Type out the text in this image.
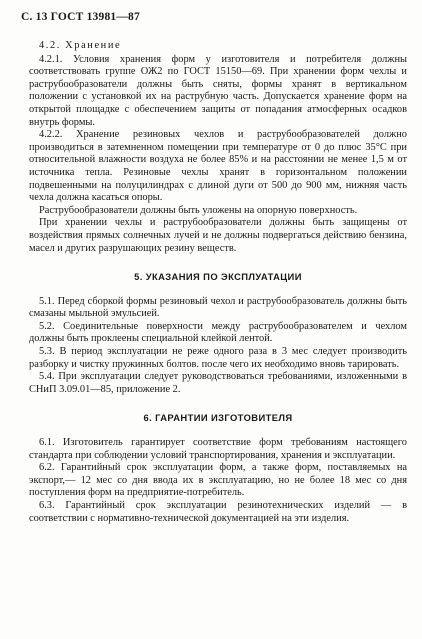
С. 13 ГОСТ 13981—87

4.2. Хранение

4.2.1. Условия хранения форм у изготовителя и потребителя должны соответствовать группе ОЖ2 по ГОСТ 15150—69. При хранении форм чехлы и раструбообразователи должны быть сняты, формы хранят в вертикальном положении с установкой их на раструбную часть. Допускается хранение форм на открытой площадке с обеспечением защиты от попадания атмосферных осадков внутрь формы.

4.2.2. Хранение резиновых чехлов и раструбообразователей должно производиться в затемненном помещении при температуре от 0 до плюс 35°С при относительной влажности воздуха не более 85% и на расстоянии не менее 1,5 м от источника тепла. Резиновые чехлы хранят в горизонтальном положении подвешенными на полуцилиндрах с длиной дуги от 500 до 900 мм, нижняя часть чехла должна касаться опоры.

Раструбообразователи должны быть уложены на опорную поверхность.

При хранении чехлы и раструбообразователи должны быть защищены от воздействия прямых солнечных лучей и не должны подвергаться действию бензина, масел и других разрушающих резину веществ.

5. УКАЗАНИЯ ПО ЭКСПЛУАТАЦИИ

5.1. Перед сборкой формы резиновый чехол и раструбообразователь должны быть смазаны мыльной эмульсией.

5.2. Соединительные поверхности между раструбообразователем и чехлом должны быть проклеены специальной клейкой лентой.

5.3. В период эксплуатации не реже одного раза в 3 мес следует производить разборку и чистку пружинных болтов. после чего их необходимо вновь тарировать.

5.4. При эксплуатации следует руководствоваться требованиями, изложенными в СНиП 3.09.01—85, приложение 2.

6. ГАРАНТИИ ИЗГОТОВИТЕЛЯ

6.1. Изготовитель гарантирует соответствие форм требованиям настоящего стандарта при соблюдении условий транспортирования, хранения и эксплуатации.

6.2. Гарантийный срок эксплуатации форм, а также форм, поставляемых на экспорт,— 12 мес со дня ввода их в эксплуатацию, но не более 18 мес со дня поступления форм на предприятие-потребитель.

6.3. Гарантийный срок эксплуатации резинотехнических изделий — в соответствии с нормативно-технической документацией на эти изделия.
